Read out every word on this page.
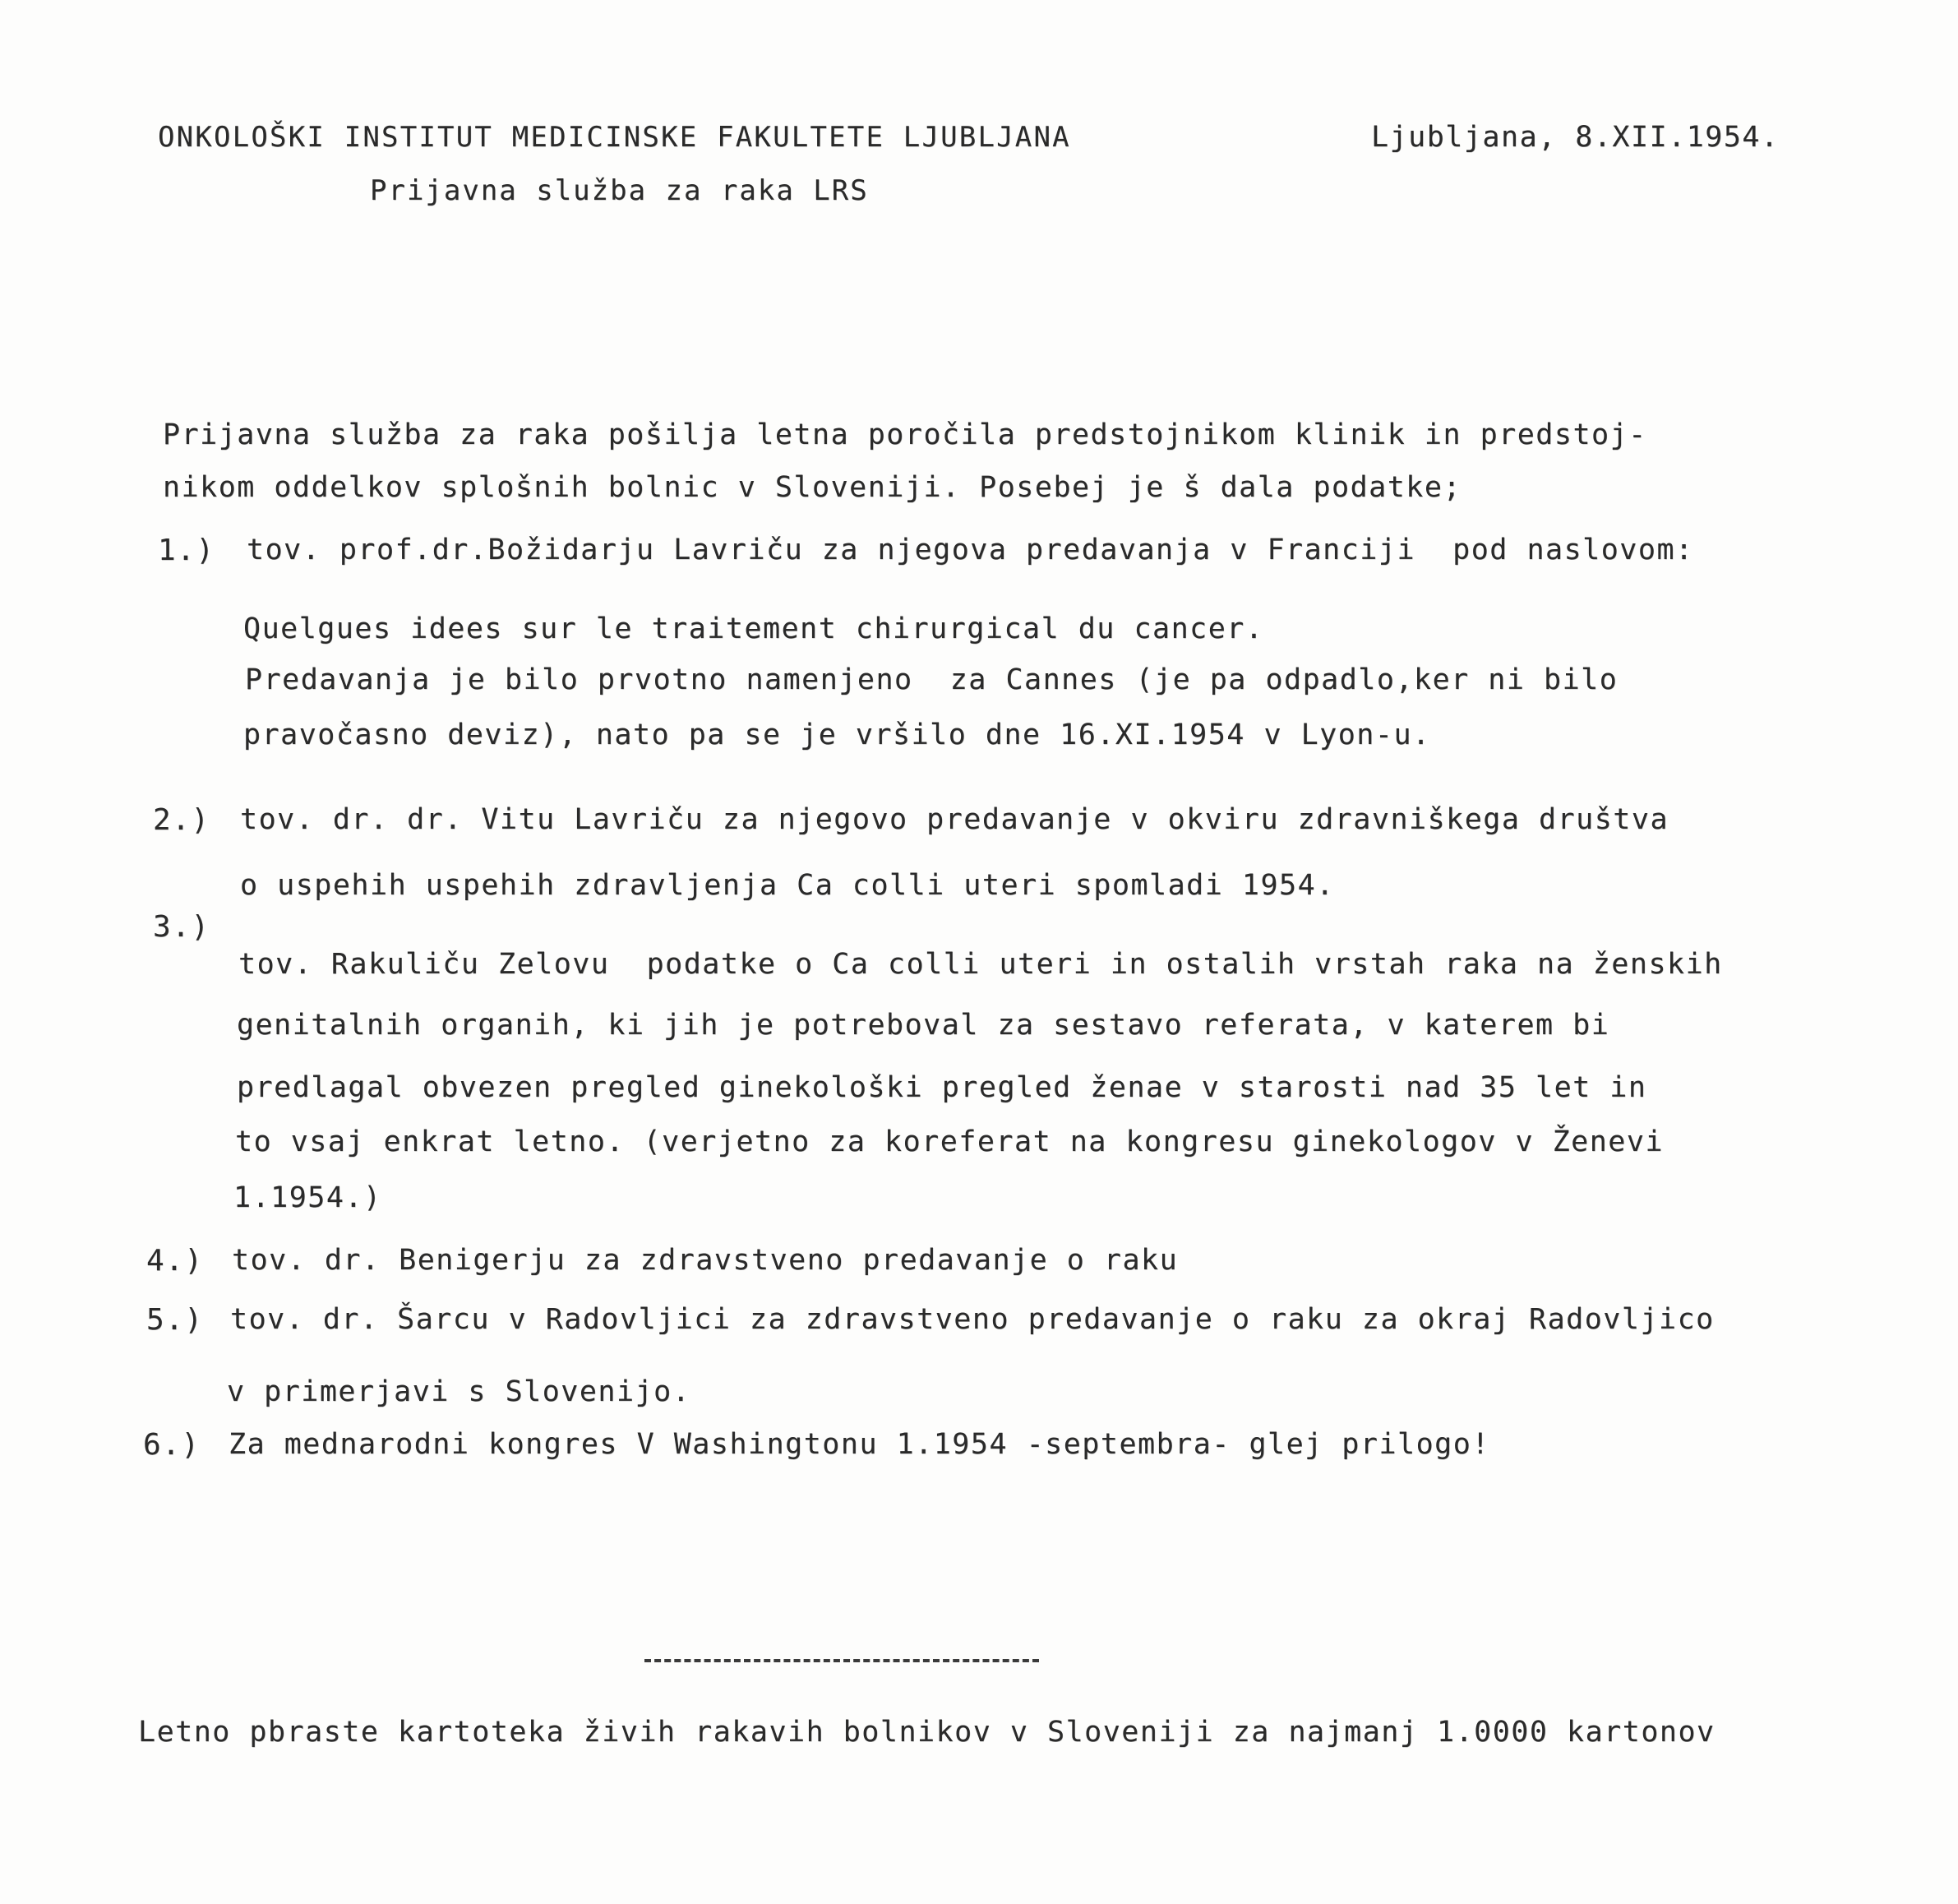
ONKOLOŠKI INSTITUT MEDICINSKE FAKULTETE LJUBLJANA
Prijavna služba za raka LRS
Ljubljana, 8.XII.1954.
Prijavna služba za raka pošilja letna poročila predstojnikom klinik in predstoj-
nikom oddelkov splošnih bolnic v Sloveniji. Posebej je š dala podatke;
1.) tov. prof.dr.Božidarju Lavriču za njegova predavanja v Franciji  pod naslovom:
Quelgues idees sur le traitement chirurgical du cancer.
Predavanja je bilo prvotno namenjeno  za Cannes (je pa odpadlo,ker ni bilo
pravočasno deviz), nato pa se je vršilo dne 16.XI.1954 v Lyon-u.
2.) tov. dr. dr. Vitu Lavriču za njegovo predavanje v okviru zdravniškega društva
o uspehih uspehih zdravljenja Ca colli uteri spomladi 1954.
3.)
tov. Rakuliču Zelovu  podatke o Ca colli uteri in ostalih vrstah raka na ženskih
genitalnih organih, ki jih je potreboval za sestavo referata, v katerem bi
predlagal obvezen pregled ginekološki pregled ženae v starosti nad 35 let in
to vsaj enkrat letno. (verjetno za koreferat na kongresu ginekologov v Ženevi
1.1954.)
4.) tov. dr. Benigerju za zdravstveno predavanje o raku
5.) tov. dr. Šarcu v Radovljici za zdravstveno predavanje o raku za okraj Radovljico
v primerjavi s Slovenijo.
6.) Za mednarodni kongres V Washingtonu 1.1954 -septembra- glej prilogo!
Letno pbraste kartoteka živih rakavih bolnikov v Sloveniji za najmanj 1.0000 kartonov
